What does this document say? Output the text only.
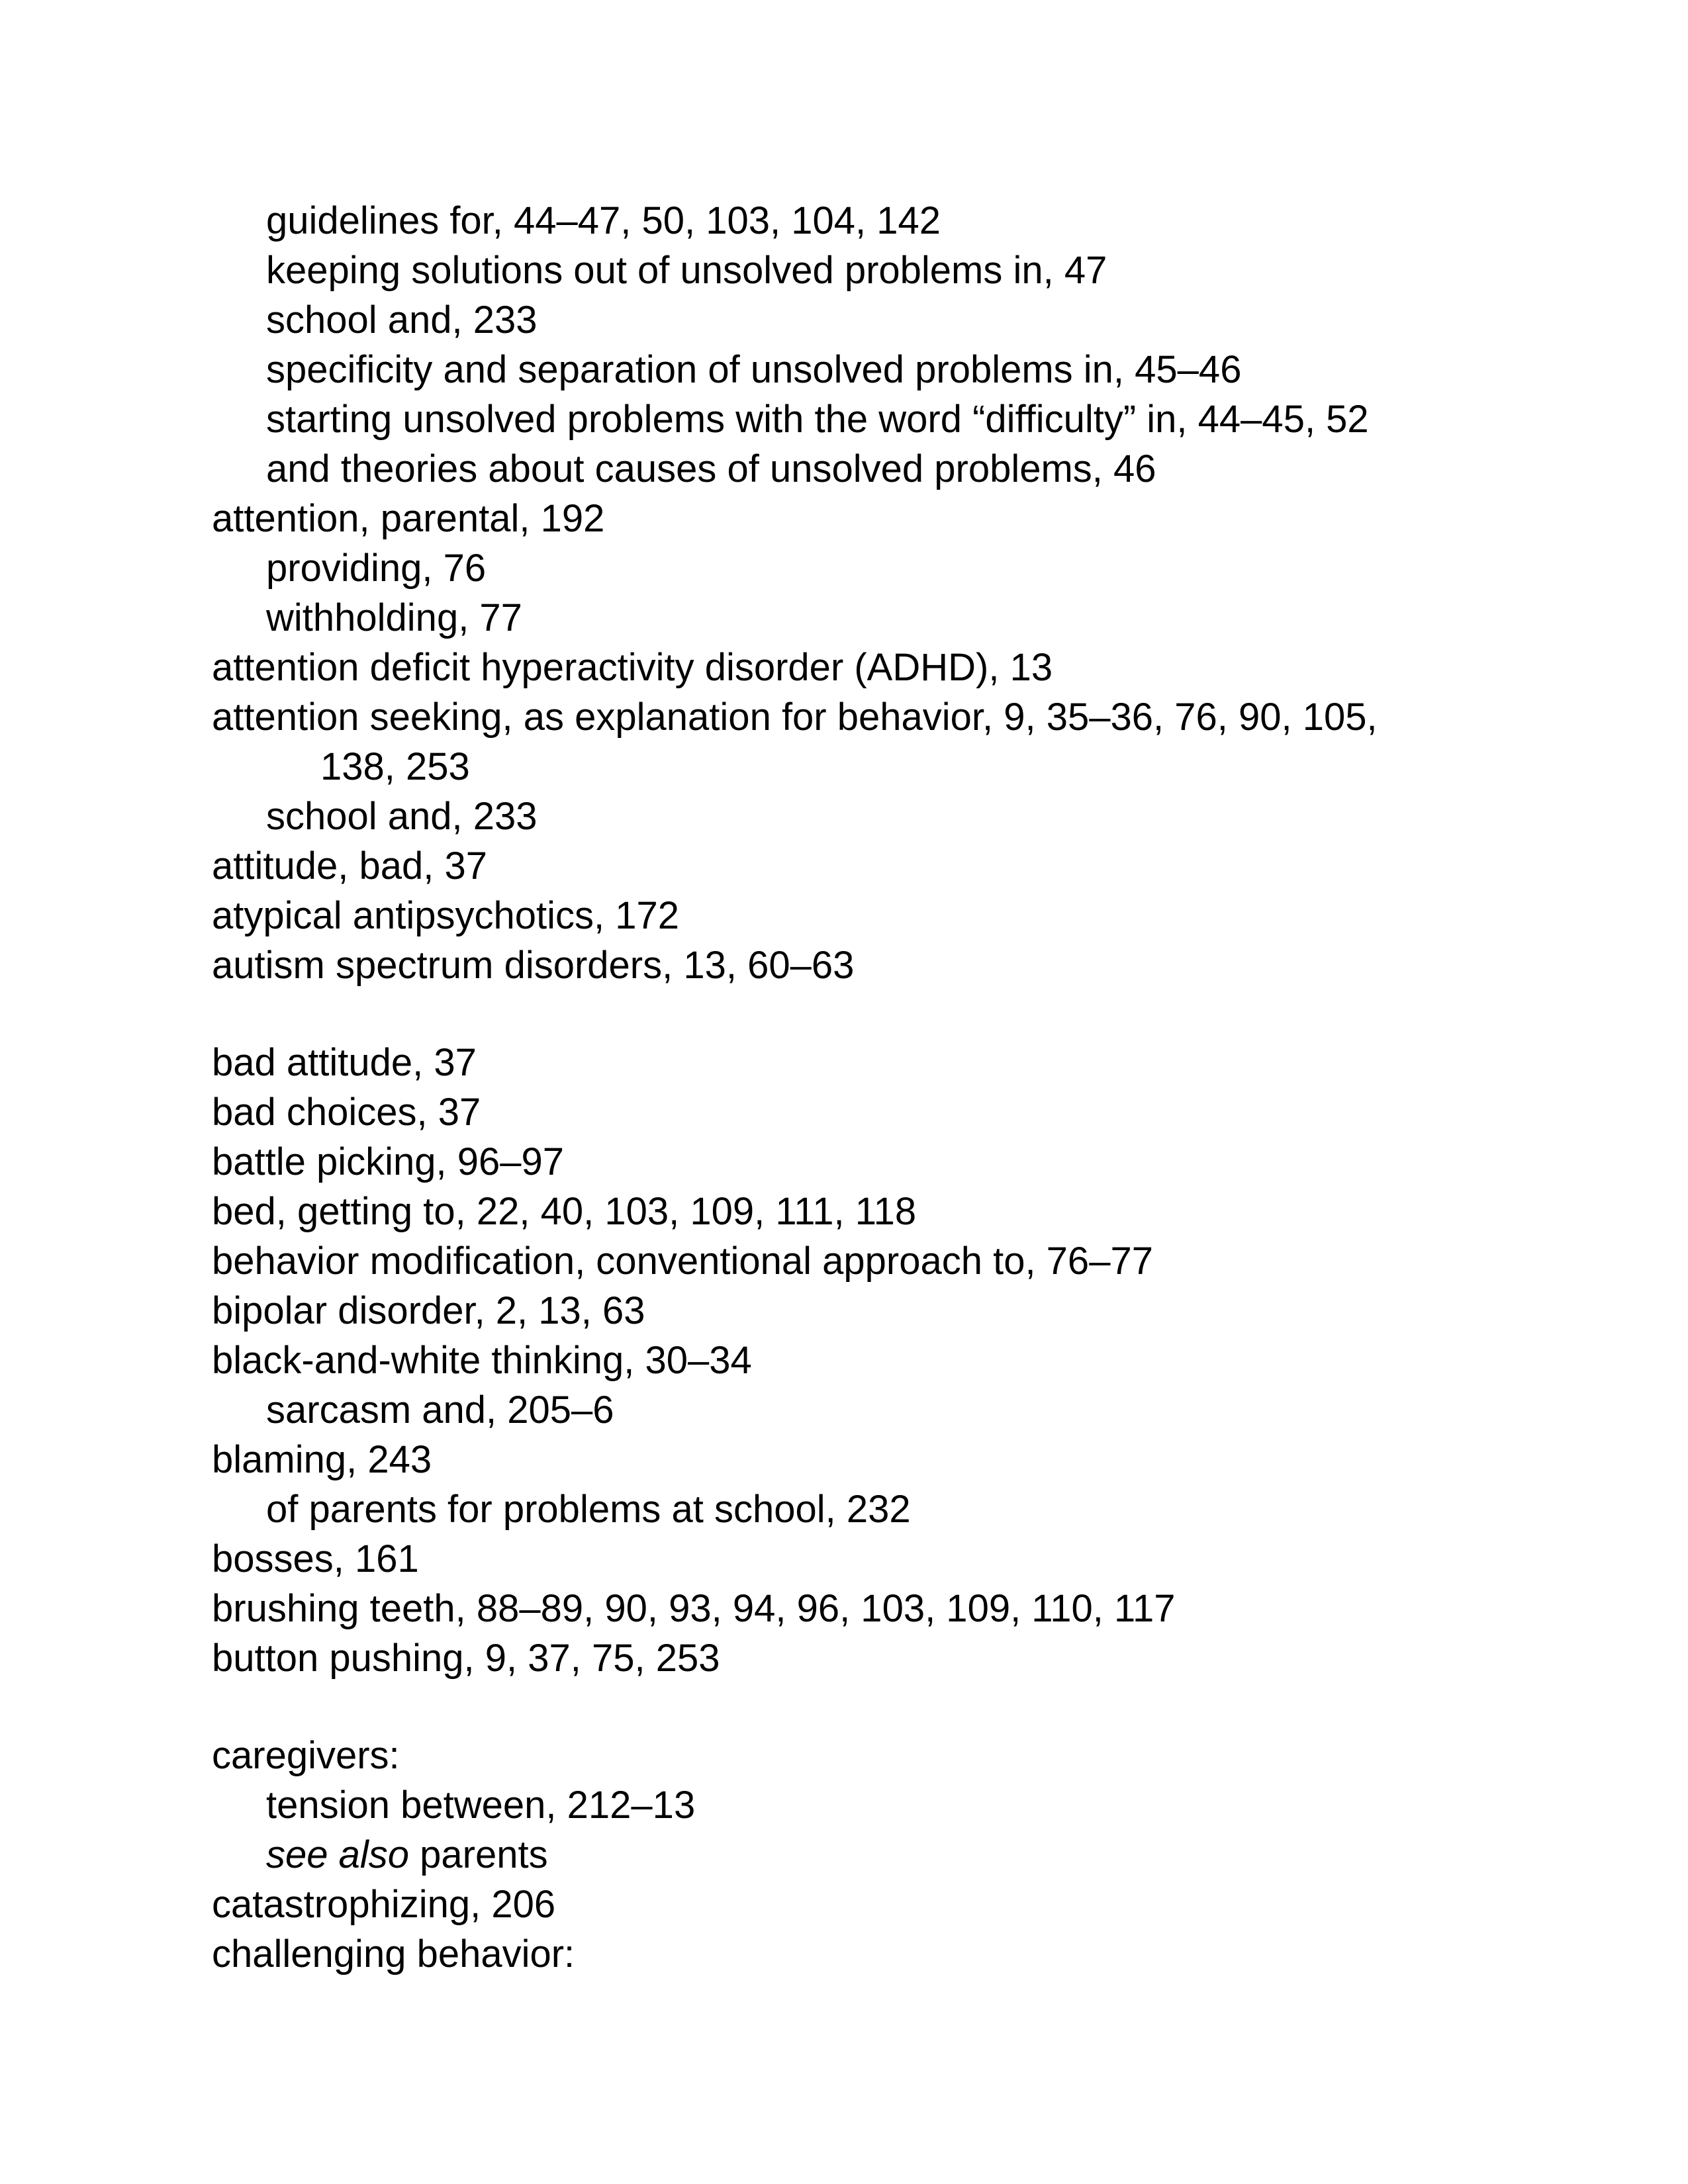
guidelines for, 44–47, 50, 103, 104, 142
keeping solutions out of unsolved problems in, 47
school and, 233
specificity and separation of unsolved problems in, 45–46
starting unsolved problems with the word “difficulty” in, 44–45, 52
and theories about causes of unsolved problems, 46
attention, parental, 192
providing, 76
withholding, 77
attention deficit hyperactivity disorder (ADHD), 13
attention seeking, as explanation for behavior, 9, 35–36, 76, 90, 105,
138, 253
school and, 233
attitude, bad, 37
atypical antipsychotics, 172
autism spectrum disorders, 13, 60–63
bad attitude, 37
bad choices, 37
battle picking, 96–97
bed, getting to, 22, 40, 103, 109, 111, 118
behavior modification, conventional approach to, 76–77
bipolar disorder, 2, 13, 63
black-and-white thinking, 30–34
sarcasm and, 205–6
blaming, 243
of parents for problems at school, 232
bosses, 161
brushing teeth, 88–89, 90, 93, 94, 96, 103, 109, 110, 117
button pushing, 9, 37, 75, 253
caregivers:
tension between, 212–13
see also parents
catastrophizing, 206
challenging behavior:
